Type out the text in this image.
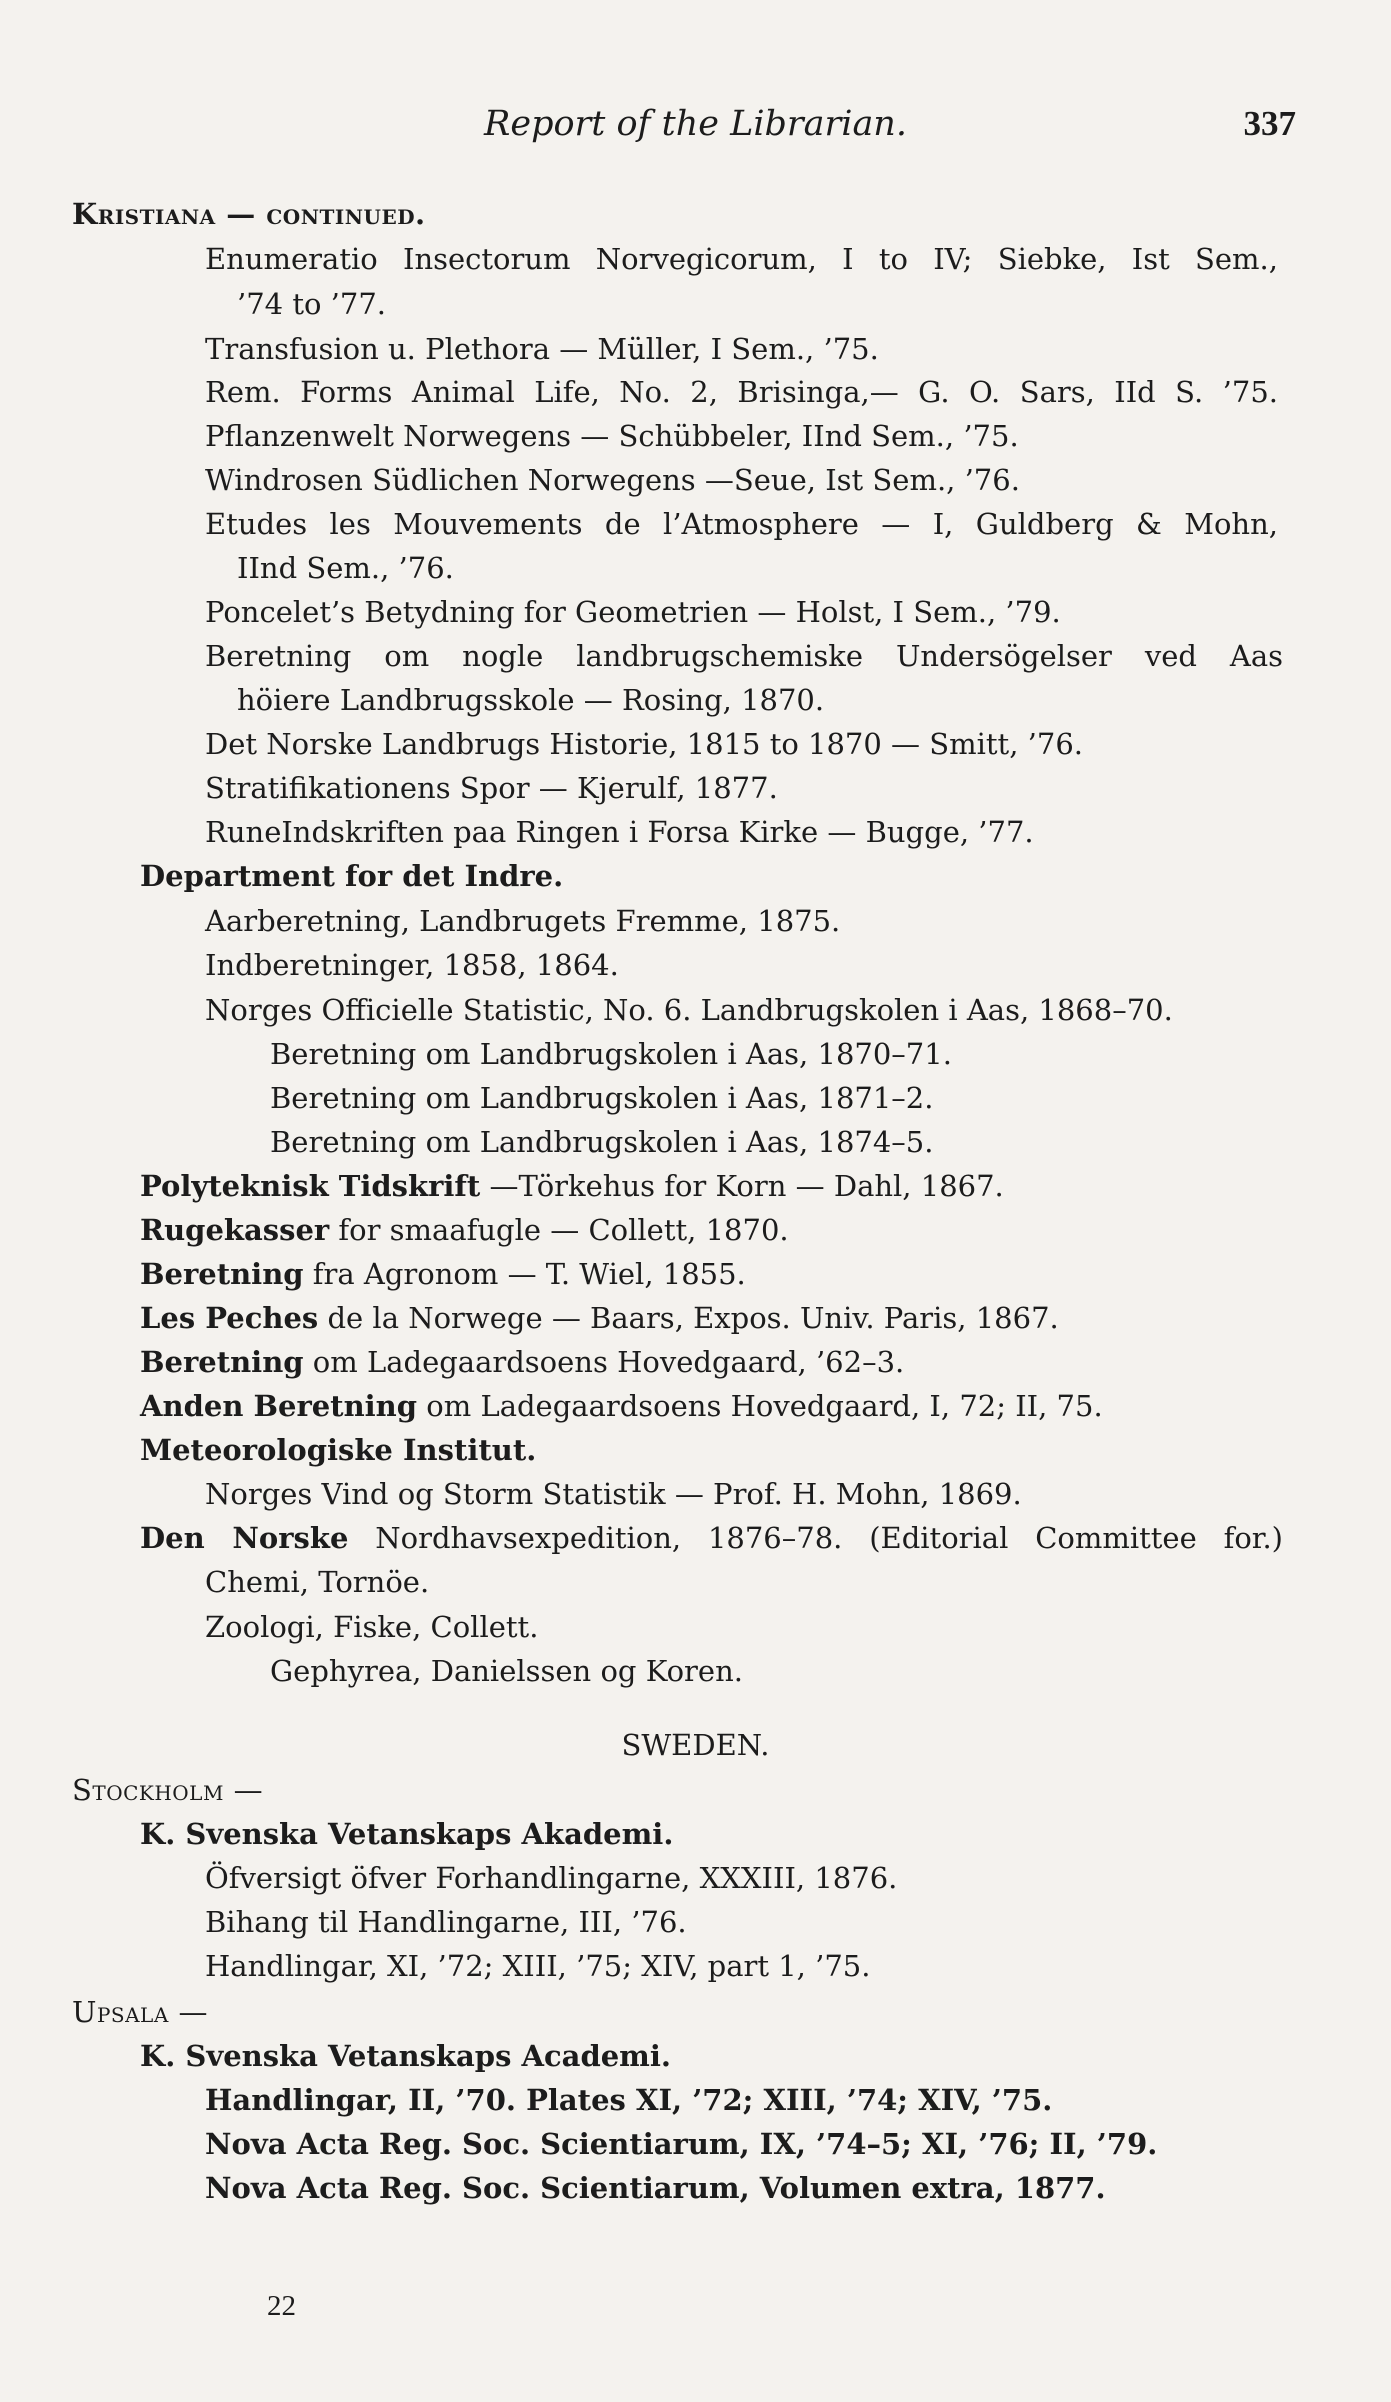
Report of the Librarian.	337
Kristiana — continued.
Enumeratio Insectorum Norvegicorum, I to IV; Siebke, Ist Sem.,
’74 to ’77.
Transfusion u. Plethora — Müller, I Sem., ’75.
Rem. Forms Animal Life, No. 2, Brisinga,— G. O. Sars, IId S. ’75.
Pflanzenwelt Norwegens — Schübbeler, IInd Sem., ’75.
Windrosen Südlichen Norwegens —Seue, Ist Sem., ’76.
Etudes les Mouvements de l’Atmosphere — I, Guldberg & Mohn,
IInd Sem., ’76.
Poncelet’s Betydning for Geometrien — Holst, I Sem., ’79.
Beretning om nogle landbrugschemiske Undersögelser ved Aas
höiere Landbrugsskole — Rosing, 1870.
Det Norske Landbrugs Historie, 1815 to 1870 — Smitt, ’76.
Stratifikationens Spor — Kjerulf, 1877.
RuneIndskriften paa Ringen i Forsa Kirke — Bugge, ’77.
Department for det Indre.
Aarberetning, Landbrugets Fremme, 1875.
Indberetninger, 1858, 1864.
Norges Officielle Statistic, No. 6. Landbrugskolen i Aas, 1868–70.
Beretning om Landbrugskolen i Aas, 1870–71.
Beretning om Landbrugskolen i Aas, 1871–2.
Beretning om Landbrugskolen i Aas, 1874–5.
Polyteknisk Tidskrift —Törkehus for Korn — Dahl, 1867.
Rugekasser for smaafugle — Collett, 1870.
Beretning fra Agronom — T. Wiel, 1855.
Les Peches de la Norwege — Baars, Expos. Univ. Paris, 1867.
Beretning om Ladegaardsoens Hovedgaard, ’62–3.
Anden Beretning om Ladegaardsoens Hovedgaard, I, 72; II, 75.
Meteorologiske Institut.
Norges Vind og Storm Statistik — Prof. H. Mohn, 1869.
Den Norske Nordhavsexpedition, 1876–78. (Editorial Committee for.)
Chemi, Tornöe.
Zoologi, Fiske, Collett.
Gephyrea, Danielssen og Koren.
SWEDEN.
Stockholm —
K. Svenska Vetanskaps Akademi.
Öfversigt öfver Forhandlingarne, XXXIII, 1876.
Bihang til Handlingarne, III, ’76.
Handlingar, XI, ’72; XIII, ’75; XIV, part 1, ’75.
Upsala —
K. Svenska Vetanskaps Academi.
Handlingar, II, ’70. Plates XI, ’72; XIII, ’74; XIV, ’75.
Nova Acta Reg. Soc. Scientiarum, IX, ’74–5; XI, ’76; II, ’79.
Nova Acta Reg. Soc. Scientiarum, Volumen extra, 1877.
22
